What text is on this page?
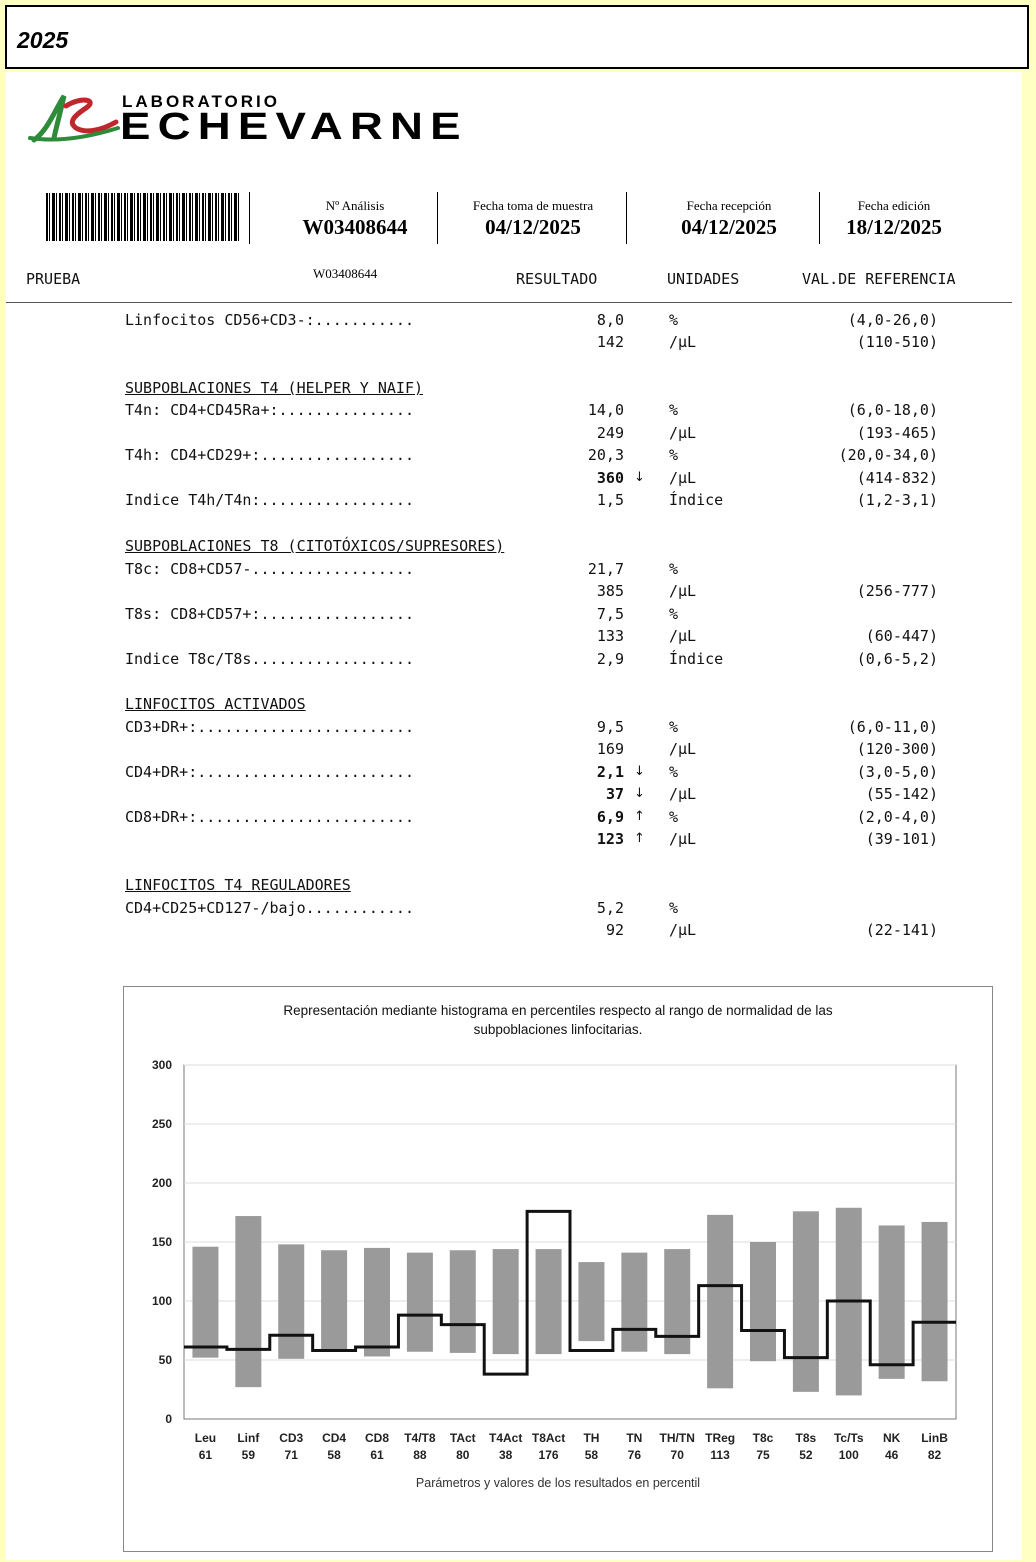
2025
LABORATORIO
ECHEVARNE
Nº Análisis
W03408644
Fecha toma de muestra
04/12/2025
Fecha recepción
04/12/2025
Fecha edición
18/12/2025
PRUEBA	W03408644	RESULTADO	UNIDADES	VAL.DE REFERENCIA
Linfocitos CD56+CD3-:...........	8,0	%	(4,0-26,0)
142	/µL	(110-510)
SUBPOBLACIONES T4 (HELPER Y NAIF)
T4n: CD4+CD45Ra+:...............	14,0	%	(6,0-18,0)
249	/µL	(193-465)
T4h: CD4+CD29+:.................	20,3	%	(20,0-34,0)
360 ↓ /µL	(414-832)
Indice T4h/T4n:.................	1,5	Índice	(1,2-3,1)
SUBPOBLACIONES T8 (CITOTÓXICOS/SUPRESORES)
T8c: CD8+CD57-..................	21,7	%
385	/µL	(256-777)
T8s: CD8+CD57+:.................	7,5	%
133	/µL	(60-447)
Indice T8c/T8s..................	2,9	Índice	(0,6-5,2)
LINFOCITOS ACTIVADOS
CD3+DR+:........................	9,5	%	(6,0-11,0)
169	/µL	(120-300)
CD4+DR+:........................	2,1 ↓ %	(3,0-5,0)
37 ↓ /µL	(55-142)
CD8+DR+:........................	6,9 ↑ %	(2,0-4,0)
123 ↑ /µL	(39-101)
LINFOCITOS T4 REGULADORES
CD4+CD25+CD127-/bajo............	5,2	%
92	/µL	(22-141)
Representación mediante histograma en percentiles respecto al rango de normalidad de las
subpoblaciones linfocitarias.
0
50
100
150
200
250
300
Leu
61
Linf
59
CD3
71
CD4
58
CD8
61
T4/T8
88
TAct
80
T4Act
38
T8Act
176
TH
58
TN
76
TH/TN
70
TReg
113
T8c
75
T8s
52
Tc/Ts
100
NK
46
LinB
82
Parámetros y valores de los resultados en percentil
